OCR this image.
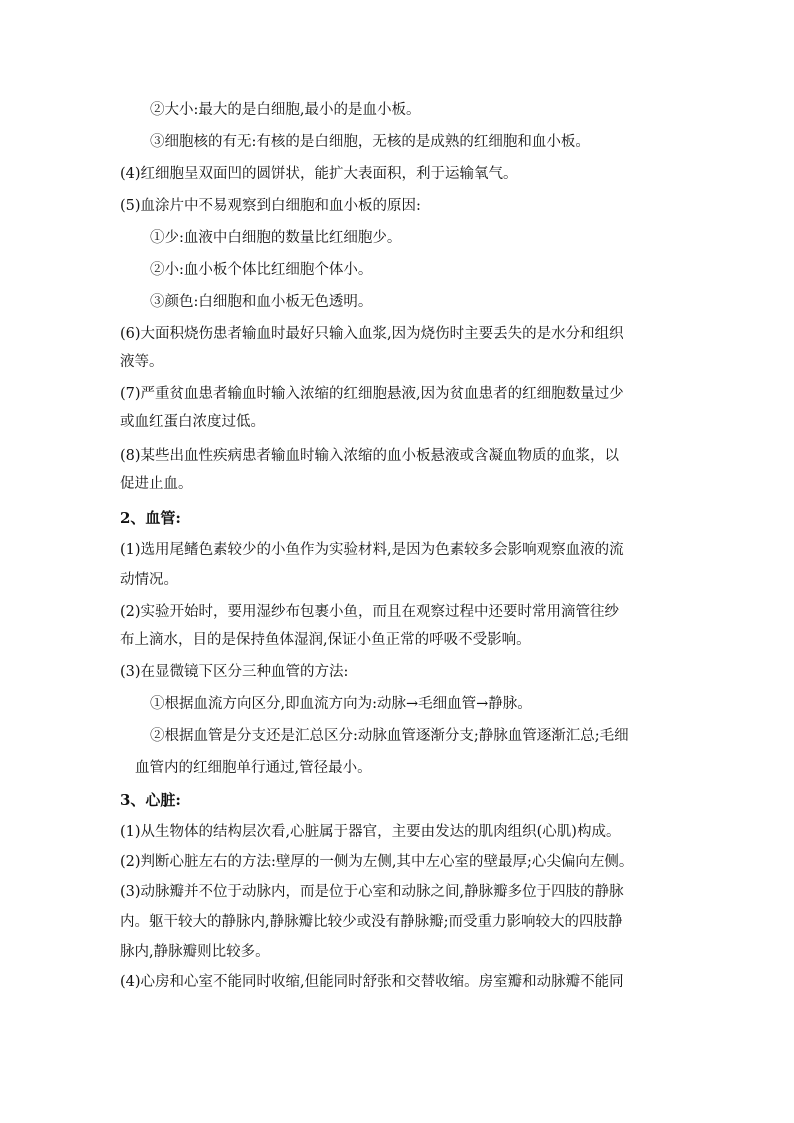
②大小:最大的是白细胞,最小的是血小板。
③细胞核的有无:有核的是白细胞，无核的是成熟的红细胞和血小板。
(4)红细胞呈双面凹的圆饼状，能扩大表面积，利于运输氧气。
(5)血涂片中不易观察到白细胞和血小板的原因:
①少:血液中白细胞的数量比红细胞少。
②小:血小板个体比红细胞个体小。
③颜色:白细胞和血小板无色透明。
(6)大面积烧伤患者输血时最好只输入血浆,因为烧伤时主要丢失的是水分和组织
液等。
(7)严重贫血患者输血时输入浓缩的红细胞悬液,因为贫血患者的红细胞数量过少
或血红蛋白浓度过低。
(8)某些出血性疾病患者输血时输入浓缩的血小板悬液或含凝血物质的血浆，以
促进止血。
2、血管:
(1)选用尾鳍色素较少的小鱼作为实验材料,是因为色素较多会影响观察血液的流
动情况。
(2)实验开始时，要用湿纱布包裹小鱼，而且在观察过程中还要时常用滴管往纱
布上滴水，目的是保持鱼体湿润,保证小鱼正常的呼吸不受影响。
(3)在显微镜下区分三种血管的方法:
①根据血流方向区分,即血流方向为:动脉→毛细血管→静脉。
②根据血管是分支还是汇总区分:动脉血管逐渐分支;静脉血管逐渐汇总;毛细
血管内的红细胞单行通过,管径最小。
3、心脏:
(1)从生物体的结构层次看,心脏属于器官，主要由发达的肌肉组织(心肌)构成。
(2)判断心脏左右的方法:壁厚的一侧为左侧,其中左心室的壁最厚;心尖偏向左侧。
(3)动脉瓣并不位于动脉内，而是位于心室和动脉之间,静脉瓣多位于四肢的静脉
内。躯干较大的静脉内,静脉瓣比较少或没有静脉瓣;而受重力影响较大的四肢静
脉内,静脉瓣则比较多。
(4)心房和心室不能同时收缩,但能同时舒张和交替收缩。房室瓣和动脉瓣不能同
